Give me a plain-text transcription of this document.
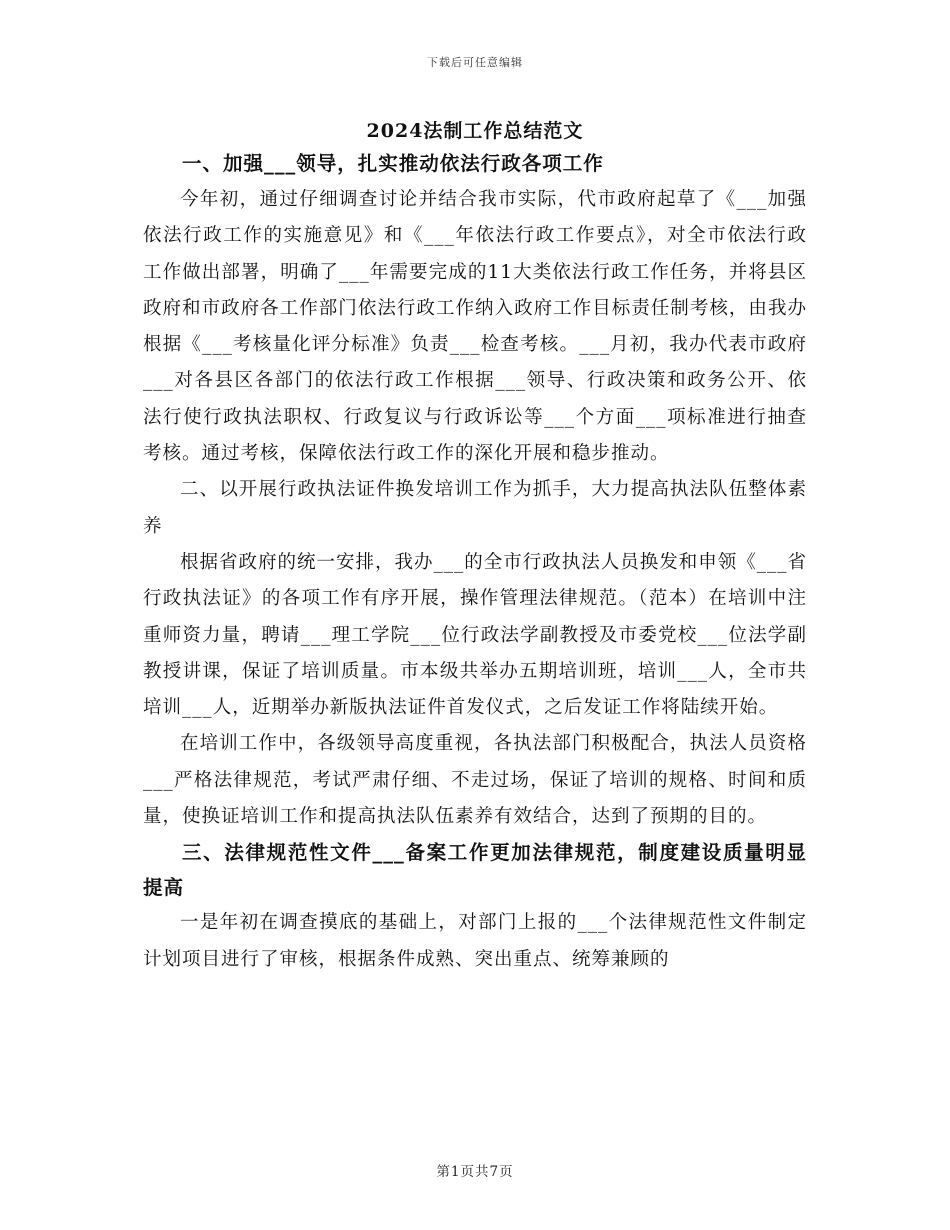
下载后可任意编辑
2024法制工作总结范文

一、加强___领导，扎实推动依法行政各项工作

今年初，通过仔细调查讨论并结合我市实际，代市政府起草了《___加强依法行政工作的实施意见》和《___年依法行政工作要点》，对全市依法行政工作做出部署，明确了___年需要完成的11大类依法行政工作任务，并将县区政府和市政府各工作部门依法行政工作纳入政府工作目标责任制考核，由我办根据《___考核量化评分标准》负责___检查考核。___月初，我办代表市政府___对各县区各部门的依法行政工作根据___领导、行政决策和政务公开、依法行使行政执法职权、行政复议与行政诉讼等___个方面___项标准进行抽查考核。通过考核，保障依法行政工作的深化开展和稳步推动。

二、以开展行政执法证件换发培训工作为抓手，大力提高执法队伍整体素养

根据省政府的统一安排，我办___的全市行政执法人员换发和申领《___省行政执法证》的各项工作有序开展，操作管理法律规范。（范本）在培训中注重师资力量，聘请___理工学院___位行政法学副教授及市委党校___位法学副教授讲课，保证了培训质量。市本级共举办五期培训班，培训___人，全市共培训___人，近期举办新版执法证件首发仪式，之后发证工作将陆续开始。

在培训工作中，各级领导高度重视，各执法部门积极配合，执法人员资格___严格法律规范，考试严肃仔细、不走过场，保证了培训的规格、时间和质量，使换证培训工作和提高执法队伍素养有效结合，达到了预期的目的。

三、法律规范性文件___备案工作更加法律规范，制度建设质量明显提高

一是年初在调查摸底的基础上，对部门上报的___个法律规范性文件制定计划项目进行了审核，根据条件成熟、突出重点、统筹兼顾的

第1页共7页
